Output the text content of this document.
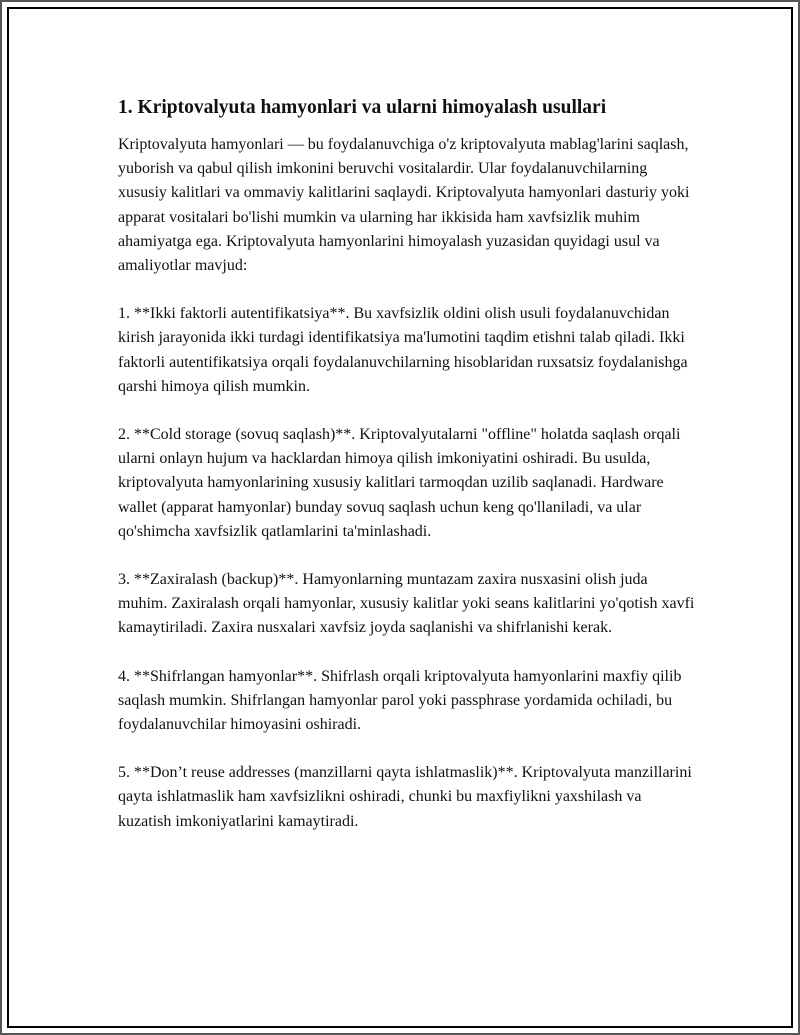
1. Kriptovalyuta hamyonlari va ularni himoyalash usullari

Kriptovalyuta hamyonlari — bu foydalanuvchiga o'z kriptovalyuta mablag'larini saqlash, yuborish va qabul qilish imkonini beruvchi vositalardir. Ular foydalanuvchilarning xususiy kalitlari va ommaviy kalitlarini saqlaydi. Kriptovalyuta hamyonlari dasturiy yoki apparat vositalari bo'lishi mumkin va ularning har ikkisida ham xavfsizlik muhim ahamiyatga ega. Kriptovalyuta hamyonlarini himoyalash yuzasidan quyidagi usul va amaliyotlar mavjud:

1. **Ikki faktorli autentifikatsiya**. Bu xavfsizlik oldini olish usuli foydalanuvchidan kirish jarayonida ikki turdagi identifikatsiya ma'lumotini taqdim etishni talab qiladi. Ikki faktorli autentifikatsiya orqali foydalanuvchilarning hisoblaridan ruxsatsiz foydalanishga qarshi himoya qilish mumkin.

2. **Cold storage (sovuq saqlash)**. Kriptovalyutalarni "offline" holatda saqlash orqali ularni onlayn hujum va hacklardan himoya qilish imkoniyatini oshiradi. Bu usulda, kriptovalyuta hamyonlarining xususiy kalitlari tarmoqdan uzilib saqlanadi. Hardware wallet (apparat hamyonlar) bunday sovuq saqlash uchun keng qo'llaniladi, va ular qo'shimcha xavfsizlik qatlamlarini ta'minlashadi.

3. **Zaxiralash (backup)**. Hamyonlarning muntazam zaxira nusxasini olish juda muhim. Zaxiralash orqali hamyonlar, xususiy kalitlar yoki seans kalitlarini yo'qotish xavfi kamaytiriladi. Zaxira nusxalari xavfsiz joyda saqlanishi va shifrlanishi kerak.

4. **Shifrlangan hamyonlar**. Shifrlash orqali kriptovalyuta hamyonlarini maxfiy qilib saqlash mumkin. Shifrlangan hamyonlar parol yoki passphrase yordamida ochiladi, bu foydalanuvchilar himoyasini oshiradi.

5. **Don’t reuse addresses (manzillarni qayta ishlatmaslik)**. Kriptovalyuta manzillarini qayta ishlatmaslik ham xavfsizlikni oshiradi, chunki bu maxfiylikni yaxshilash va kuzatish imkoniyatlarini kamaytiradi.
